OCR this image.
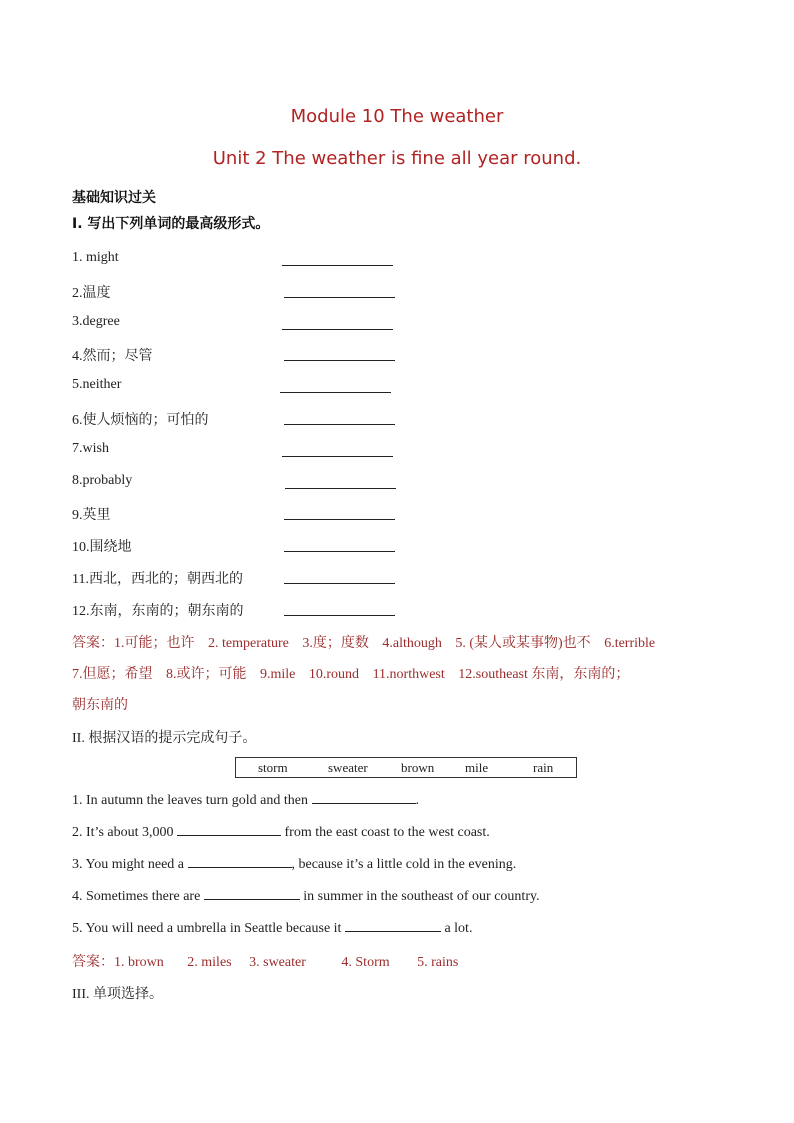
Module 10 The weather
Unit 2 The weather is fine all year round.
基础知识过关
I. 写出下列单词的最高级形式。
1. might
2.温度
3.degree
4.然而；尽管
5.neither
6.使人烦恼的；可怕的
7.wish
8.probably
9.英里
10.围绕地
11.西北，西北的；朝西北的
12.东南，东南的；朝东南的
答案：1.可能；也许 2. temperature 3.度；度数 4.although 5. (某人或某事物)也不 6.terrible
7.但愿；希望 8.或许；可能 9.mile 10.round 11.northwest 12.southeast 东南，东南的；
朝东南的
II. 根据汉语的提示完成句子。
storm	sweater	brown mile	rain
1. In autumn the leaves turn gold and then	.
2. It’s about 3,000	from the east coast to the west coast.
3. You might need a	, because it’s a little cold in the evening.
4. Sometimes there are	in summer in the southeast of our country.
5. You will need a umbrella in Seattle because it	a lot.
答案：1. brown 2. miles 3. sweater	4. Storm 5. rains
III. 单项选择。
